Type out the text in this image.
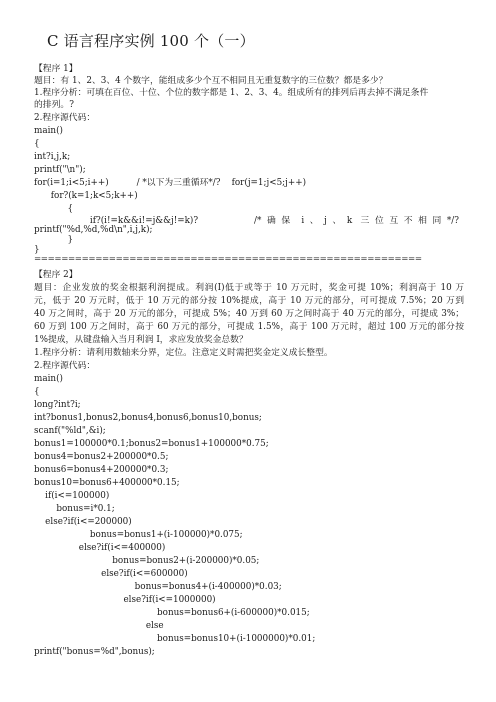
C 语言程序实例 100 个（一）
【程序 1】
题目：有 1、2、3、4 个数字，能组成多少个互不相同且无重复数字的三位数？都是多少？
1.程序分析：可填在百位、十位、个位的数字都是 1、2、3、4。组成所有的排列后再去掉不满足条件
的排列。?
2.程序源代码：
main()
{
int?i,j,k;
printf("\n");
for(i=1;i<5;i++)          / *以下为三重循环*/?    for(j=1;j<5;j++)
for?(k=1;k<5;k++)
{
if?(i!=k&&i!=j&&j!=k)?                    /*  确  保    i  、  j  、  k   三  位  互  不  相  同  */?
printf("%d,%d,%d\n",i,j,k);
}
}
=========================================================
【程序 2】
题目：企业发放的奖金根据利润提成。利润(I)低于或等于 10 万元时，奖金可提 10%；利润高于 10 万
元，低于 20 万元时，低于 10 万元的部分按 10%提成，高于 10 万元的部分，可可提成 7.5%；20 万到
40 万之间时，高于 20 万元的部分，可提成 5%；40 万到 60 万之间时高于 40 万元的部分，可提成 3%；
60 万到 100 万之间时，高于 60 万元的部分，可提成 1.5%，高于 100 万元时，超过 100 万元的部分按
1%提成，从键盘输入当月利润 I，求应发放奖金总数？
1.程序分析：请利用数轴来分界，定位。注意定义时需把奖金定义成长整型。
2.程序源代码：
main()
{
long?int?i;
int?bonus1,bonus2,bonus4,bonus6,bonus10,bonus;
scanf("%ld",&i);
bonus1=100000*0.1;bonus2=bonus1+100000*0.75;
bonus4=bonus2+200000*0.5;
bonus6=bonus4+200000*0.3;
bonus10=bonus6+400000*0.15;
if(i<=100000)
bonus=i*0.1;
else?if(i<=200000)
bonus=bonus1+(i-100000)*0.075;
else?if(i<=400000)
bonus=bonus2+(i-200000)*0.05;
else?if(i<=600000)
bonus=bonus4+(i-400000)*0.03;
else?if(i<=1000000)
bonus=bonus6+(i-600000)*0.015;
else
bonus=bonus10+(i-1000000)*0.01;
printf("bonus=%d",bonus);
